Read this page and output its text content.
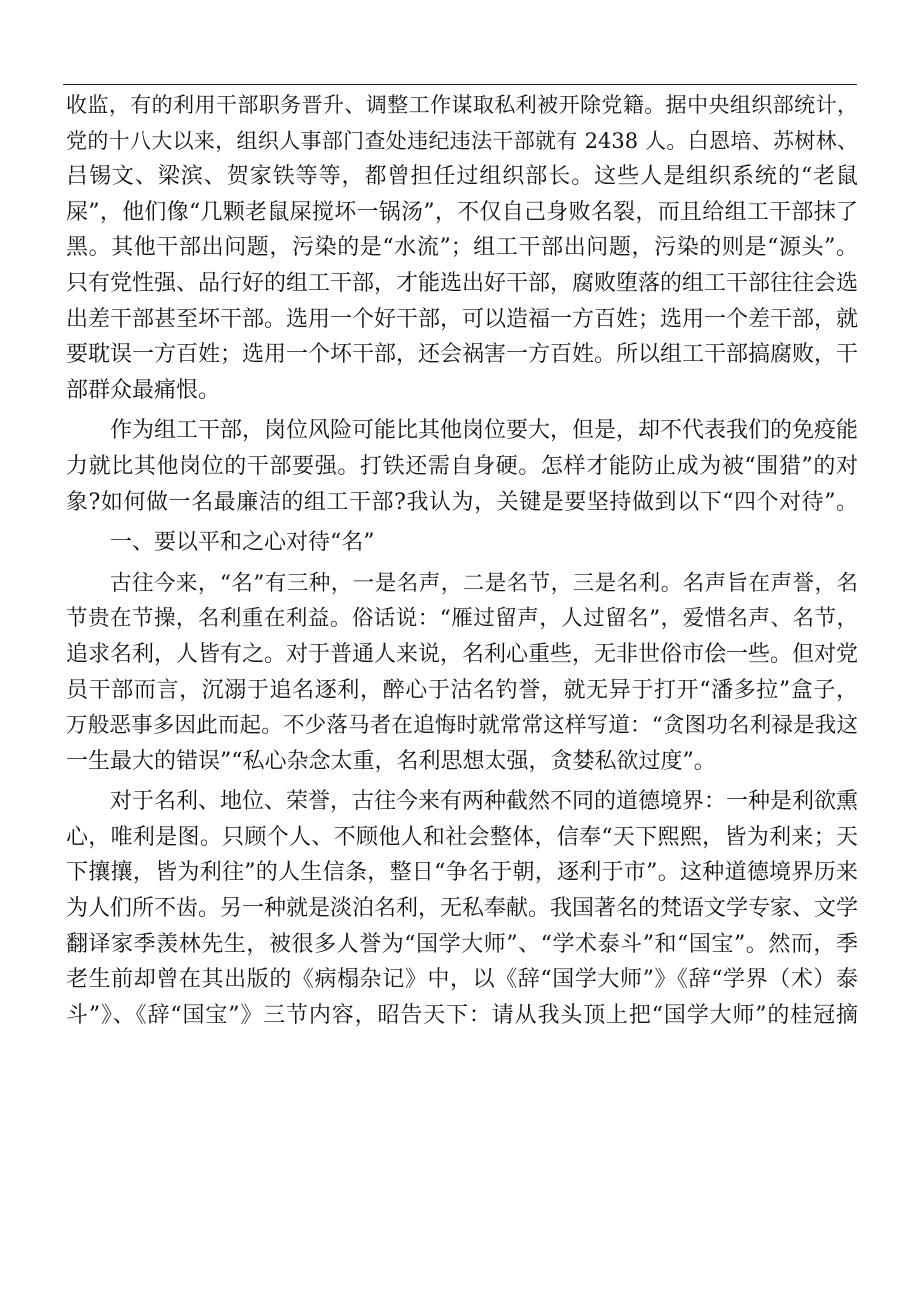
收监，有的利用干部职务晋升、调整工作谋取私利被开除党籍。据中央组织部统计，
党的十八大以来，组织人事部门查处违纪违法干部就有 2438 人。白恩培、苏树林、
吕锡文、梁滨、贺家铁等等，都曾担任过组织部长。这些人是组织系统的“老鼠
屎”，他们像“几颗老鼠屎搅坏一锅汤”，不仅自己身败名裂，而且给组工干部抹了
黑。其他干部出问题，污染的是“水流”；组工干部出问题，污染的则是“源头”。
只有党性强、品行好的组工干部，才能选出好干部，腐败堕落的组工干部往往会选
出差干部甚至坏干部。选用一个好干部，可以造福一方百姓；选用一个差干部，就
要耽误一方百姓；选用一个坏干部，还会祸害一方百姓。所以组工干部搞腐败，干
部群众最痛恨。
　　作为组工干部，岗位风险可能比其他岗位要大，但是，却不代表我们的免疫能
力就比其他岗位的干部要强。打铁还需自身硬。怎样才能防止成为被“围猎”的对
象?如何做一名最廉洁的组工干部?我认为，关键是要坚持做到以下“四个对待”。
　　一、要以平和之心对待“名”
　　古往今来，“名”有三种，一是名声，二是名节，三是名利。名声旨在声誉，名
节贵在节操，名利重在利益。俗话说：“雁过留声，人过留名”，爱惜名声、名节，
追求名利，人皆有之。对于普通人来说，名利心重些，无非世俗市侩一些。但对党
员干部而言，沉溺于追名逐利，醉心于沽名钓誉，就无异于打开“潘多拉”盒子，
万般恶事多因此而起。不少落马者在追悔时就常常这样写道：“贪图功名利禄是我这
一生最大的错误”“私心杂念太重，名利思想太强，贪婪私欲过度”。
　　对于名利、地位、荣誉，古往今来有两种截然不同的道德境界：一种是利欲熏
心，唯利是图。只顾个人、不顾他人和社会整体，信奉“天下熙熙，皆为利来；天
下攘攘，皆为利往”的人生信条，整日“争名于朝，逐利于市”。这种道德境界历来
为人们所不齿。另一种就是淡泊名利，无私奉献。我国著名的梵语文学专家、文学
翻译家季羡林先生，被很多人誉为“国学大师”、“学术泰斗”和“国宝”。然而，季
老生前却曾在其出版的《病榻杂记》中，以《辞“国学大师”》《辞“学界（术）泰
斗”》、《辞“国宝”》三节内容，昭告天下：请从我头顶上把“国学大师”的桂冠摘
